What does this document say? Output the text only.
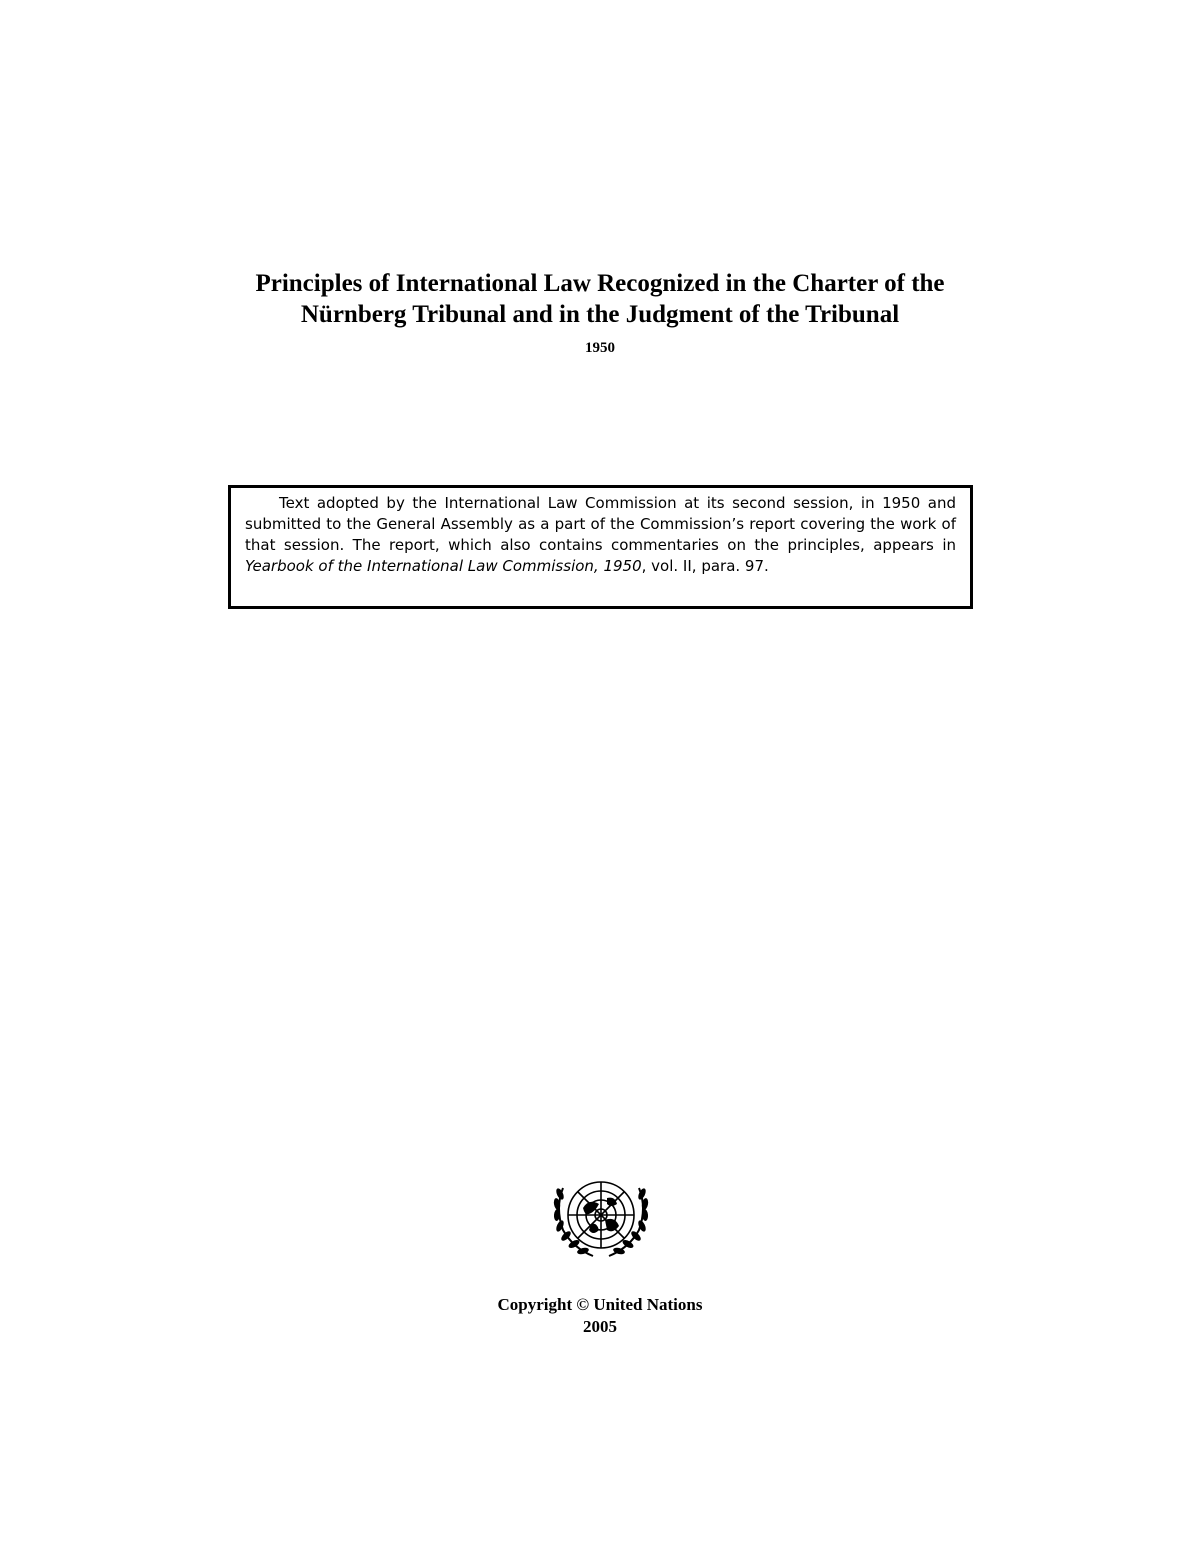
Principles of International Law Recognized in the Charter of the
Nürnberg Tribunal and in the Judgment of the Tribunal
1950

Text adopted by the International Law Commission at its second session, in 1950 and submitted to the General Assembly as a part of the Commission’s report covering the work of that session. The report, which also contains commentaries on the principles, appears in Yearbook of the International Law Commission, 1950, vol. II, para. 97.

Copyright © United Nations
2005
